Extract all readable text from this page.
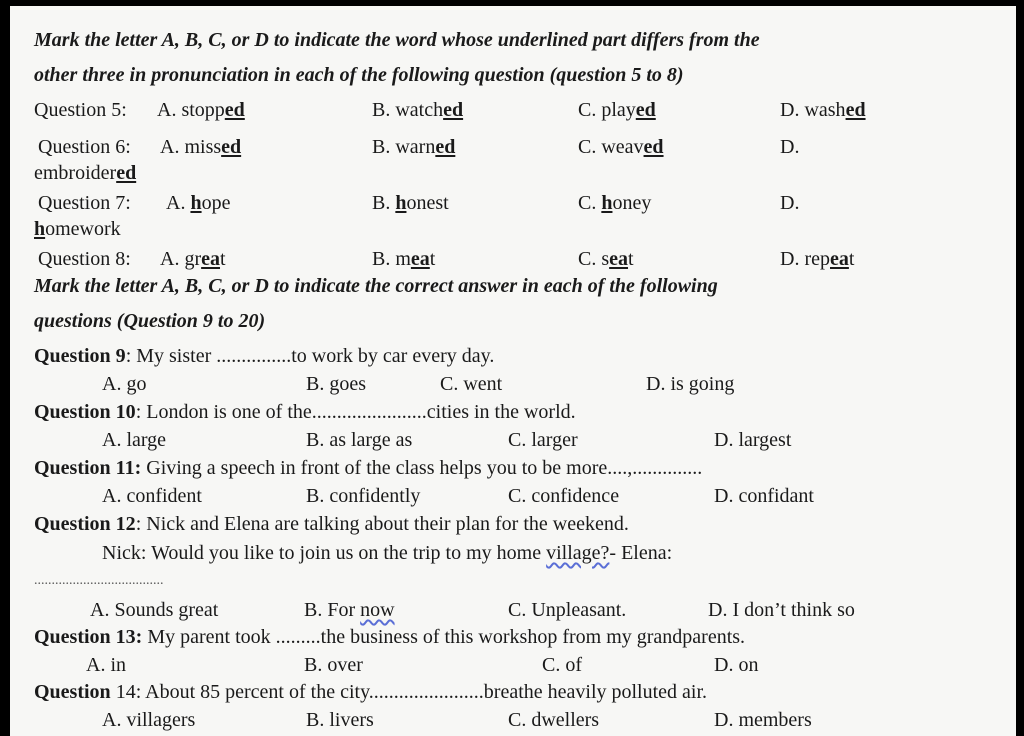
Mark the letter A, B, C, or D to indicate the word whose underlined part differs from the
other three in pronunciation in each of the following question (question 5 to 8)
Question 5: A. stopped	B. watched	C. played	D. washed
Question 6: A. missed	B. warned	C. weaved	D.
embroidered
Question 7: A. hope	B. honest	C. honey	D.
homework
Question 8: A. great	B. meat	C. seat	D. repeat
Mark the letter A, B, C, or D to indicate the correct answer in each of the following
questions (Question 9 to 20)
Question 9: My sister ...............to work by car every day.
A. go	B. goes	C. went	D. is going
Question 10: London is one of the.......................cities in the world.
A. large	B. as large as	C. larger	D. largest
Question 11: Giving a speech in front of the class helps you to be more....,..............
A. confident	B. confidently	C. confidence	D. confidant
Question 12: Nick and Elena are talking about their plan for the weekend.
Nick: Would you like to join us on the trip to my home village?- Elena:
.....................................
A. Sounds great	B. For now	C. Unpleasant.	D. I don’t think so
Question 13: My parent took .........the business of this workshop from my grandparents.
A. in	B. over	C. of	D. on
Question 14: About 85 percent of the city.......................breathe heavily polluted air.
A. villagers	B. livers	C. dwellers	D. members
